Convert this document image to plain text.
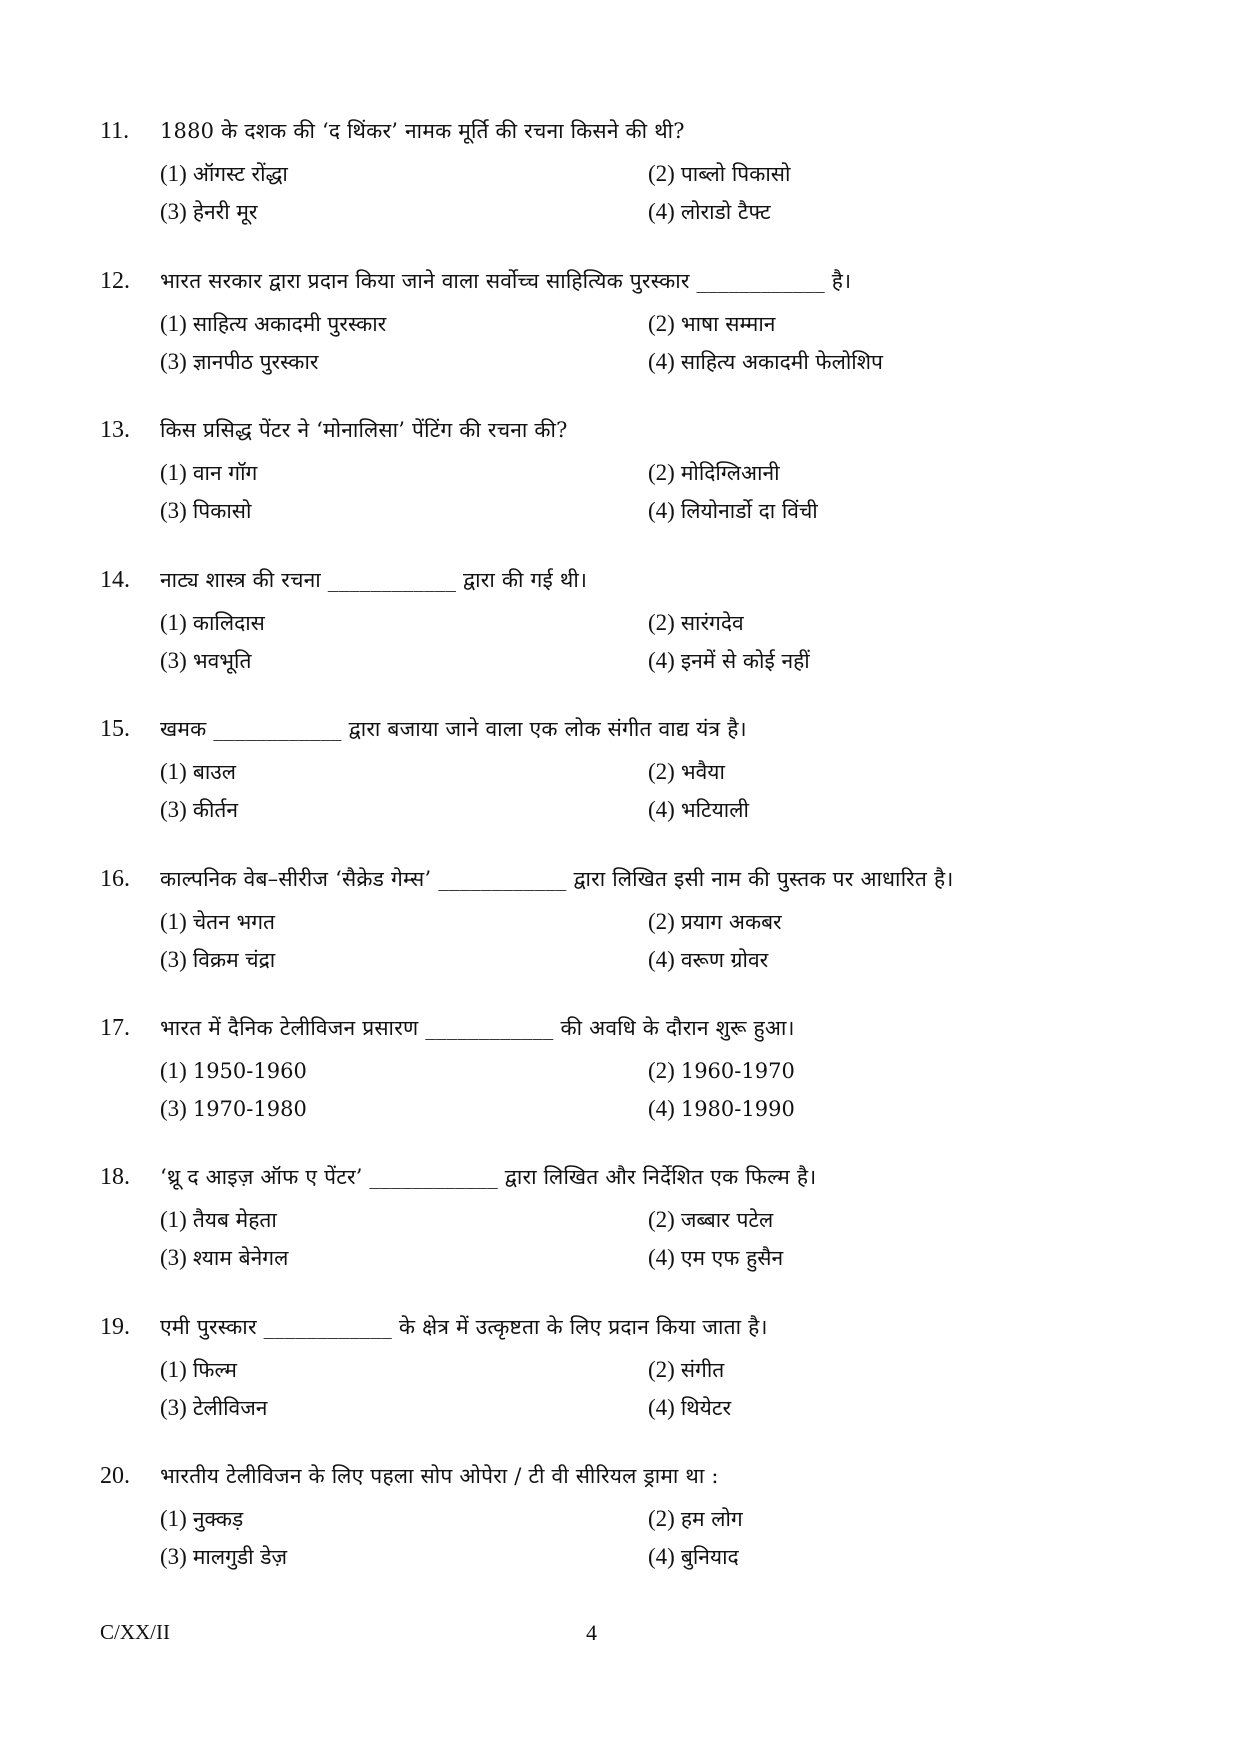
11.	1880 के दशक की ‘द थिंकर’ नामक मूर्ति की रचना किसने की थी?
(1) ऑगस्ट रोंद्धा	(2) पाब्लो पिकासो
(3) हेनरी मूर	(4) लोराडो टैफ्ट
12.	भारत सरकार द्वारा प्रदान किया जाने वाला सर्वोच्च साहित्यिक पुरस्कार ____________ है।
(1) साहित्य अकादमी पुरस्कार	(2) भाषा सम्मान
(3) ज्ञानपीठ पुरस्कार	(4) साहित्य अकादमी फेलोशिप
13.	किस प्रसिद्ध पेंटर ने ‘मोनालिसा’ पेंटिंग की रचना की?
(1) वान गॉग	(2) मोदिग्लिआनी
(3) पिकासो	(4) लियोनार्डो दा विंची
14.	नाट्य शास्त्र की रचना ____________ द्वारा की गई थी।
(1) कालिदास	(2) सारंगदेव
(3) भवभूति	(4) इनमें से कोई नहीं
15.	खमक ____________ द्वारा बजाया जाने वाला एक लोक संगीत वाद्य यंत्र है।
(1) बाउल	(2) भवैया
(3) कीर्तन	(4) भटियाली
16.	काल्पनिक वेब–सीरीज ‘सैक्रेड गेम्स’ ____________ द्वारा लिखित इसी नाम की पुस्तक पर आधारित है।
(1) चेतन भगत	(2) प्रयाग अकबर
(3) विक्रम चंद्रा	(4) वरूण ग्रोवर
17.	भारत में दैनिक टेलीविजन प्रसारण ____________ की अवधि के दौरान शुरू हुआ।
(1) 1950-1960	(2) 1960-1970
(3) 1970-1980	(4) 1980-1990
18.	‘थ्रू द आइज़ ऑफ ए पेंटर’ ____________ द्वारा लिखित और निर्देशित एक फिल्म है।
(1) तैयब मेहता	(2) जब्बार पटेल
(3) श्याम बेनेगल	(4) एम एफ हुसैन
19.	एमी पुरस्कार ____________ के क्षेत्र में उत्कृष्टता के लिए प्रदान किया जाता है।
(1) फिल्म	(2) संगीत
(3) टेलीविजन	(4) थियेटर
20.	भारतीय टेलीविजन के लिए पहला सोप ओपेरा / टी वी सीरियल ड्रामा था :
(1) नुक्कड़	(2) हम लोग
(3) मालगुडी डेज़	(4) बुनियाद
C/XX/II	4
